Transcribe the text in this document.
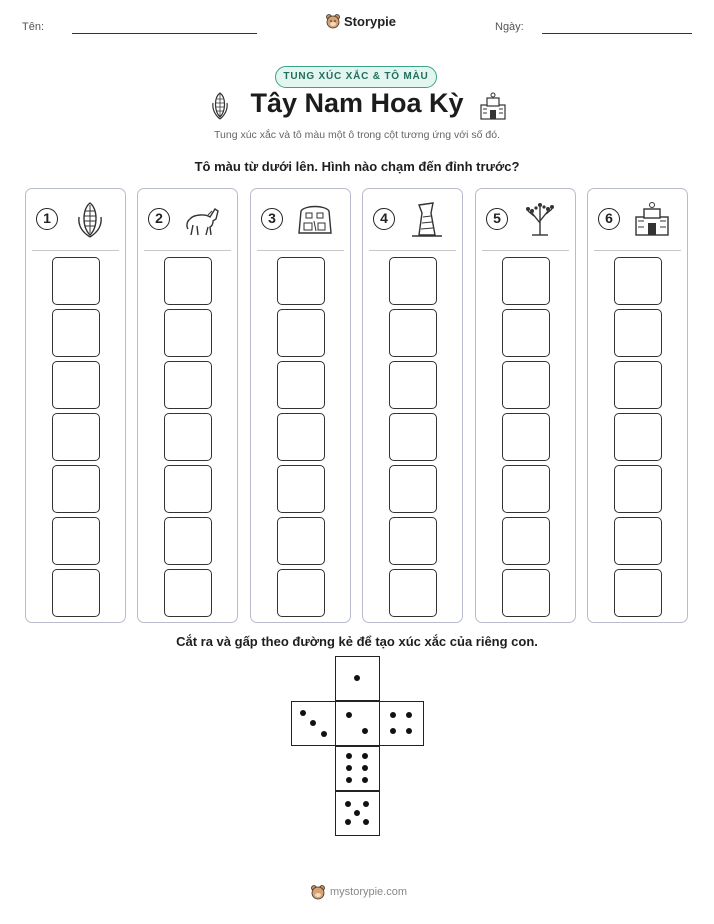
Tên:	Storypie	Ngày:
TUNG XÚC XẮC & TÔ MÀU
Tây Nam Hoa Kỳ
Tung xúc xắc và tô màu một ô trong cột tương ứng với số đó.
Tô màu từ dưới lên. Hình nào chạm đến đỉnh trước?
1	2	3	4	5	6
Cắt ra và gấp theo đường kẻ để tạo xúc xắc của riêng con.
mystorypie.com
